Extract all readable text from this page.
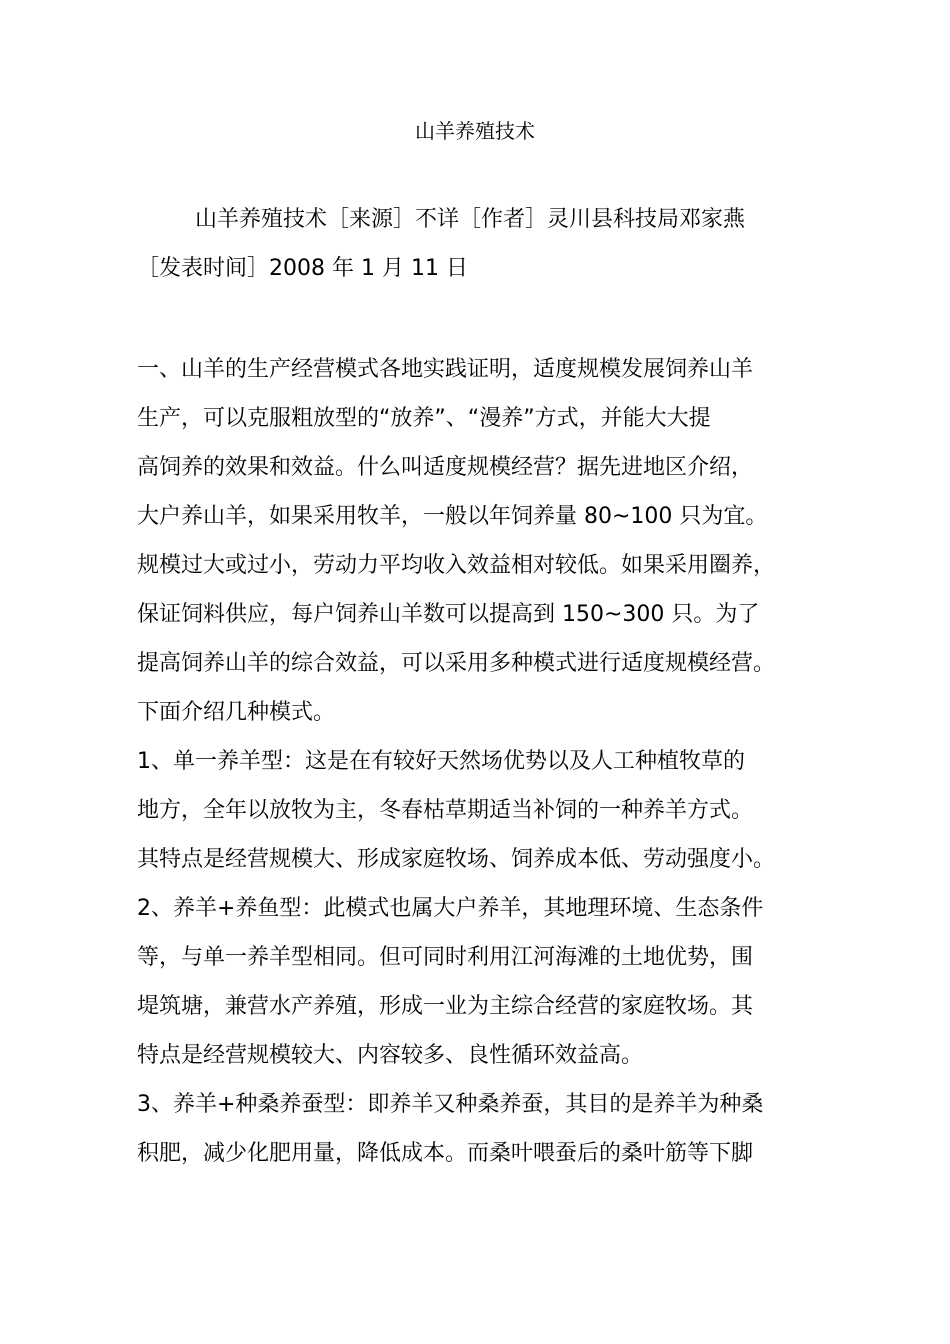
山羊养殖技术
山羊养殖技术［来源］不详［作者］灵川县科技局邓家燕
［发表时间］2008 年 1 月 11 日
一、山羊的生产经营模式各地实践证明，适度规模发展饲养山羊
生产，可以克服粗放型的“放养”、“漫养”方式，并能大大提
高饲养的效果和效益。什么叫适度规模经营？据先进地区介绍，
大户养山羊，如果采用牧羊，一般以年饲养量 80~100 只为宜。
规模过大或过小，劳动力平均收入效益相对较低。如果采用圈养，
保证饲料供应，每户饲养山羊数可以提高到 150~300 只。为了
提高饲养山羊的综合效益，可以采用多种模式进行适度规模经营。
下面介绍几种模式。
1、单一养羊型：这是在有较好天然场优势以及人工种植牧草的
地方，全年以放牧为主，冬春枯草期适当补饲的一种养羊方式。
其特点是经营规模大、形成家庭牧场、饲养成本低、劳动强度小。
2、养羊+养鱼型：此模式也属大户养羊，其地理环境、生态条件
等，与单一养羊型相同。但可同时利用江河海滩的土地优势，围
堤筑塘，兼营水产养殖，形成一业为主综合经营的家庭牧场。其
特点是经营规模较大、内容较多、良性循环效益高。
3、养羊+种桑养蚕型：即养羊又种桑养蚕，其目的是养羊为种桑
积肥，减少化肥用量，降低成本。而桑叶喂蚕后的桑叶筋等下脚
